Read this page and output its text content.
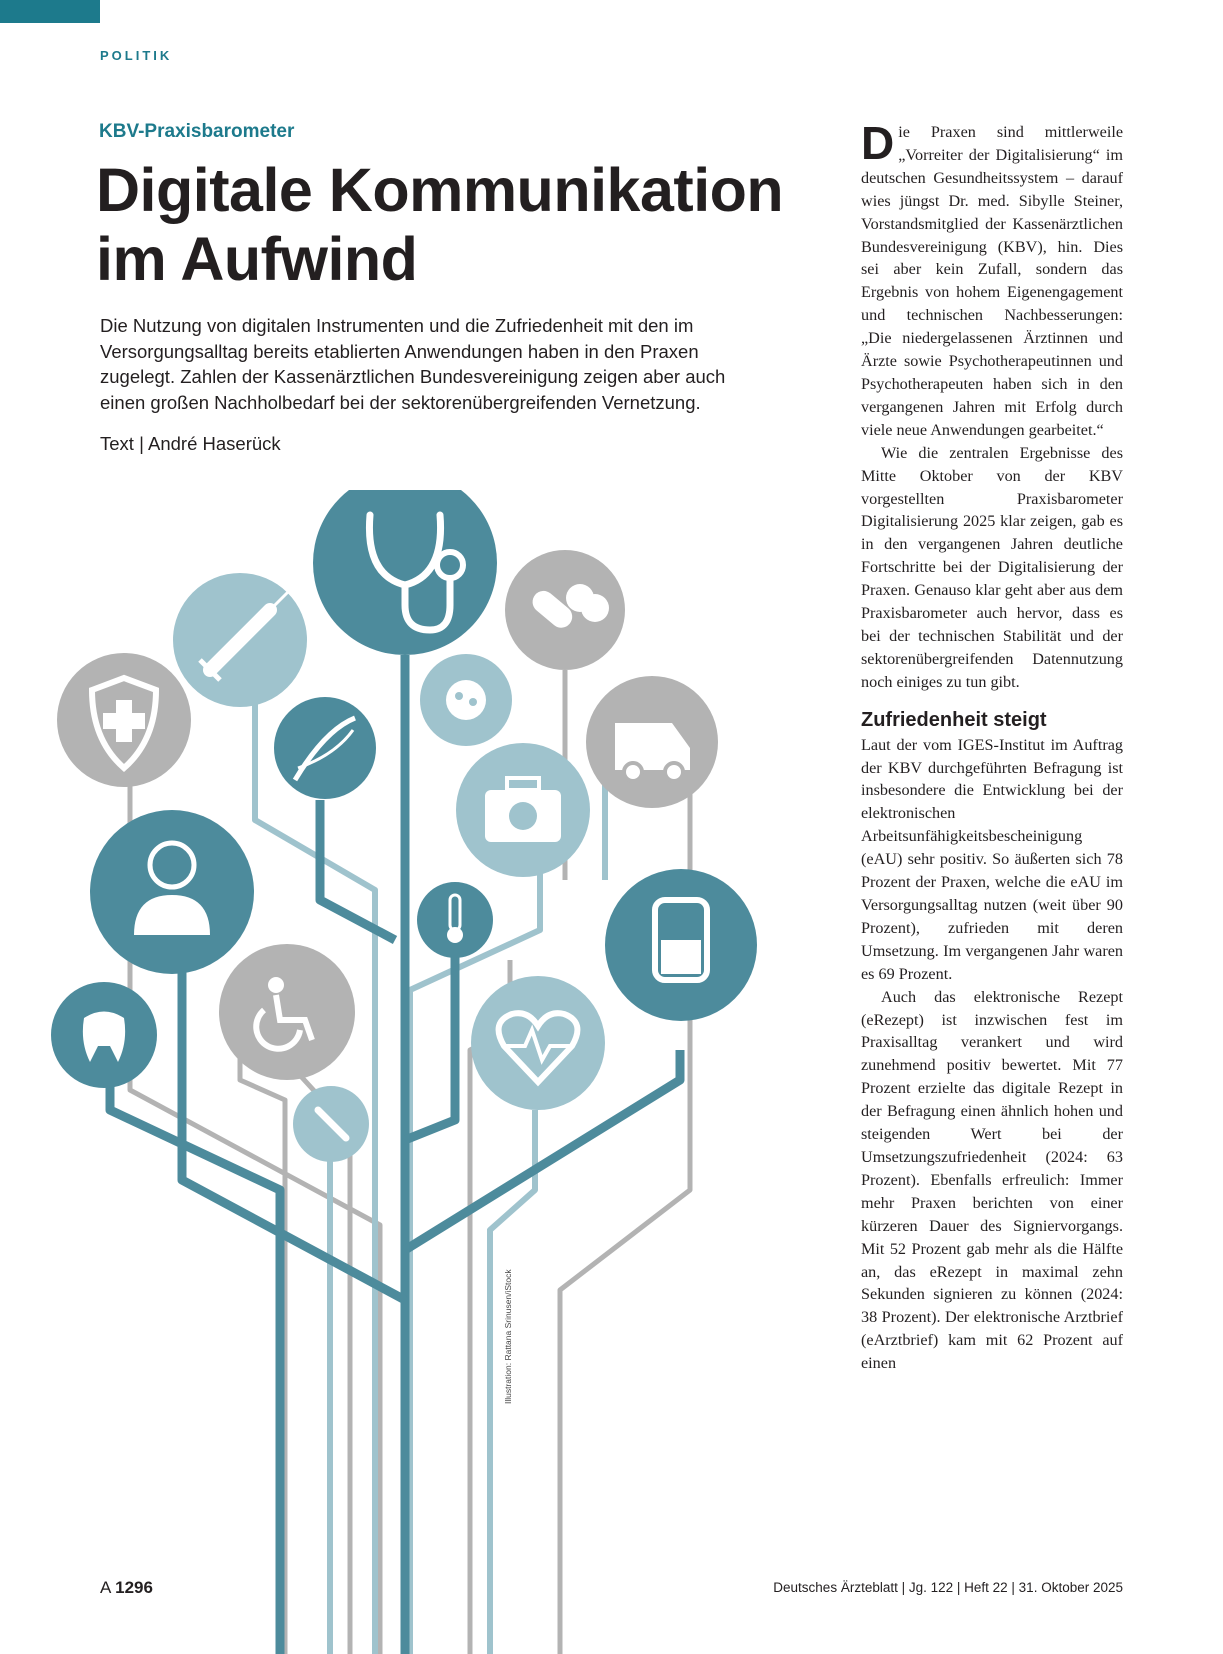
POLITIK
KBV-Praxisbarometer
Digitale Kommunikation
im Aufwind
Die Nutzung von digitalen Instrumenten und die Zufriedenheit mit den im Versorgungsalltag bereits etablierten Anwendungen haben in den Praxen zugelegt. Zahlen der Kassenärztlichen Bundesvereinigung zeigen aber auch einen großen Nachholbedarf bei der sektorenübergreifenden Vernetzung.
Text | André Haserück
Illustration: Rattana Srinusen/iStock

Die Praxen sind mittlerweile „Vorreiter der Digitalisierung“ im deutschen Gesundheitssystem – darauf wies jüngst Dr. med. Sibylle Steiner, Vorstandsmitglied der Kassenärztlichen Bundesvereinigung (KBV), hin. Dies sei aber kein Zufall, sondern das Ergebnis von hohem Eigenengagement und technischen Nachbesserungen: „Die niedergelassenen Ärztinnen und Ärzte sowie Psychotherapeutinnen und Psychotherapeuten haben sich in den vergangenen Jahren mit Erfolg durch viele neue Anwendungen gearbeitet.“

Wie die zentralen Ergebnisse des Mitte Oktober von der KBV vorgestellten Praxisbarometer Digitalisierung 2025 klar zeigen, gab es in den vergangenen Jahren deutliche Fortschritte bei der Digitalisierung der Praxen. Genauso klar geht aber aus dem Praxisbarometer auch hervor, dass es bei der technischen Stabilität und der sektorenübergreifenden Datennutzung noch einiges zu tun gibt.

Zufriedenheit steigt

Laut der vom IGES-Institut im Auftrag der KBV durchgeführten Befragung ist insbesondere die Entwicklung bei der elektronischen Arbeitsunfähigkeitsbescheinigung (eAU) sehr positiv. So äußerten sich 78 Prozent der Praxen, welche die eAU im Versorgungsalltag nutzen (weit über 90 Prozent), zufrieden mit deren Umsetzung. Im vergangenen Jahr waren es 69 Prozent.

Auch das elektronische Rezept (eRezept) ist inzwischen fest im Praxisalltag verankert und wird zunehmend positiv bewertet. Mit 77 Prozent erzielte das digitale Rezept in der Befragung einen ähnlich hohen und steigenden Wert bei der Umsetzungszufriedenheit (2024: 63 Prozent). Ebenfalls erfreulich: Immer mehr Praxen berichten von einer kürzeren Dauer des Signiervorgangs. Mit 52 Prozent gab mehr als die Hälfte an, das eRezept in maximal zehn Sekunden signieren zu können (2024: 38 Prozent). Der elektronische Arztbrief (eArztbrief) kam mit 62 Prozent auf einen

A 1296	Deutsches Ärzteblatt | Jg. 122 | Heft 22 | 31. Oktober 2025
